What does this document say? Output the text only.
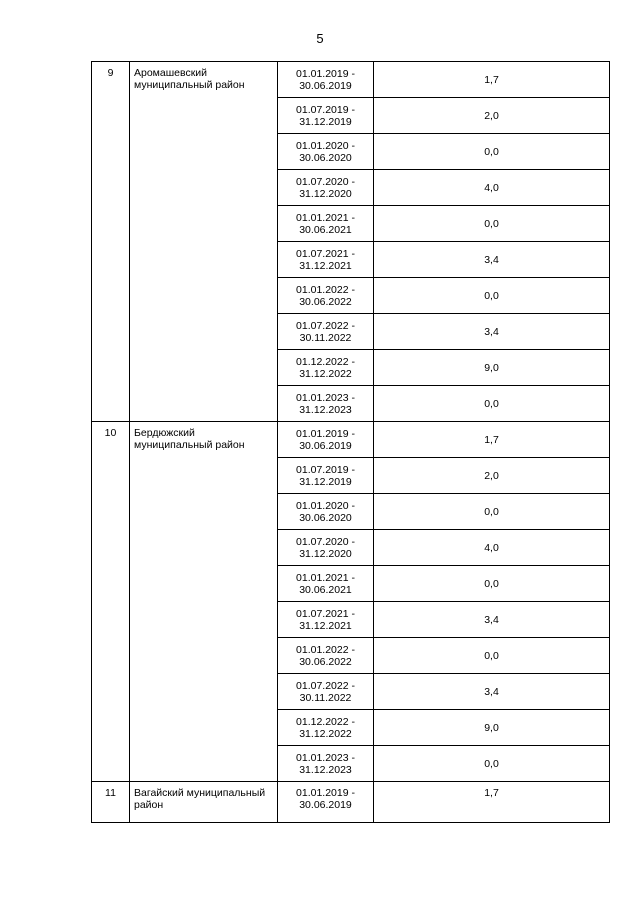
5
9	Аромашевский муниципальный район	01.01.2019 -
30.06.2019	1,7

		01.07.2019 -
31.12.2019	2,0

		01.01.2020 -
30.06.2020	0,0

		01.07.2020 -
31.12.2020	4,0

		01.01.2021 -
30.06.2021	0,0

		01.07.2021 -
31.12.2021	3,4

		01.01.2022 -
30.06.2022	0,0

		01.07.2022 -
30.11.2022	3,4

		01.12.2022 -
31.12.2022	9,0

		01.01.2023 -
31.12.2023	0,0
10	Бердюжский муниципальный район	01.01.2019 -
30.06.2019	1,7

		01.07.2019 -
31.12.2019	2,0

		01.01.2020 -
30.06.2020	0,0

		01.07.2020 -
31.12.2020	4,0

		01.01.2021 -
30.06.2021	0,0

		01.07.2021 -
31.12.2021	3,4

		01.01.2022 -
30.06.2022	0,0

		01.07.2022 -
30.11.2022	3,4

		01.12.2022 -
31.12.2022	9,0

		01.01.2023 -
31.12.2023	0,0
11	Вагайский муниципальный район	01.01.2019 -
30.06.2019	1,7
